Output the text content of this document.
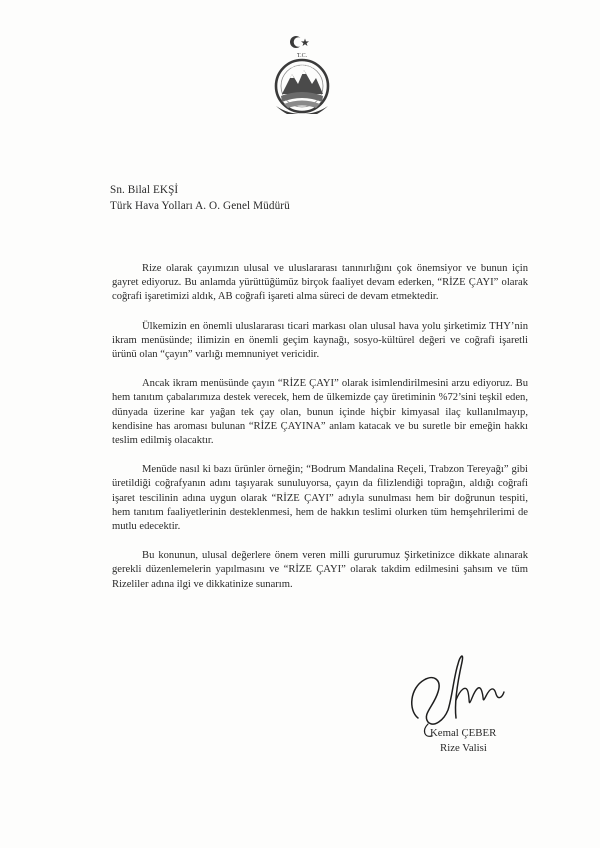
T.C.
RİZE VALİLİĞİ
Sn. Bilal EKŞİ
Türk Hava Yolları A. O. Genel Müdürü

Rize olarak çayımızın ulusal ve uluslararası tanınırlığını çok önemsiyor ve bunun için gayret ediyoruz. Bu anlamda yürüttüğümüz birçok faaliyet devam ederken, “RİZE ÇAYI” olarak coğrafi işaretimizi aldık, AB coğrafi işareti alma süreci de devam etmektedir.

Ülkemizin en önemli uluslararası ticari markası olan ulusal hava yolu şirketimiz THY’nin ikram menüsünde; ilimizin en önemli geçim kaynağı, sosyo-kültürel değeri ve coğrafi işaretli ürünü olan “çayın” varlığı memnuniyet vericidir.

Ancak ikram menüsünde çayın “RİZE ÇAYI” olarak isimlendirilmesini arzu ediyoruz. Bu hem tanıtım çabalarımıza destek verecek, hem de ülkemizde çay üretiminin %72’sini teşkil eden, dünyada üzerine kar yağan tek çay olan, bunun içinde hiçbir kimyasal ilaç kullanılmayıp, kendisine has aroması bulunan “RİZE ÇAYINA” anlam katacak ve bu suretle bir emeğin hakkı teslim edilmiş olacaktır.

Menüde nasıl ki bazı ürünler örneğin; “Bodrum Mandalina Reçeli, Trabzon Tereyağı” gibi üretildiği coğrafyanın adını taşıyarak sunuluyorsa, çayın da filizlendiği toprağın, aldığı coğrafi işaret tescilinin adına uygun olarak “RİZE ÇAYI” adıyla sunulması hem bir doğrunun tespiti, hem tanıtım faaliyetlerinin desteklenmesi, hem de hakkın teslimi olurken tüm hemşehrilerimi de mutlu edecektir.

Bu konunun, ulusal değerlere önem veren milli gururumuz Şirketinizce dikkate alınarak gerekli düzenlemelerin yapılmasını ve “RİZE ÇAYI” olarak takdim edilmesini şahsım ve tüm Rizeliler adına ilgi ve dikkatinize sunarım.

Kemal ÇEBER
Rize Valisi
